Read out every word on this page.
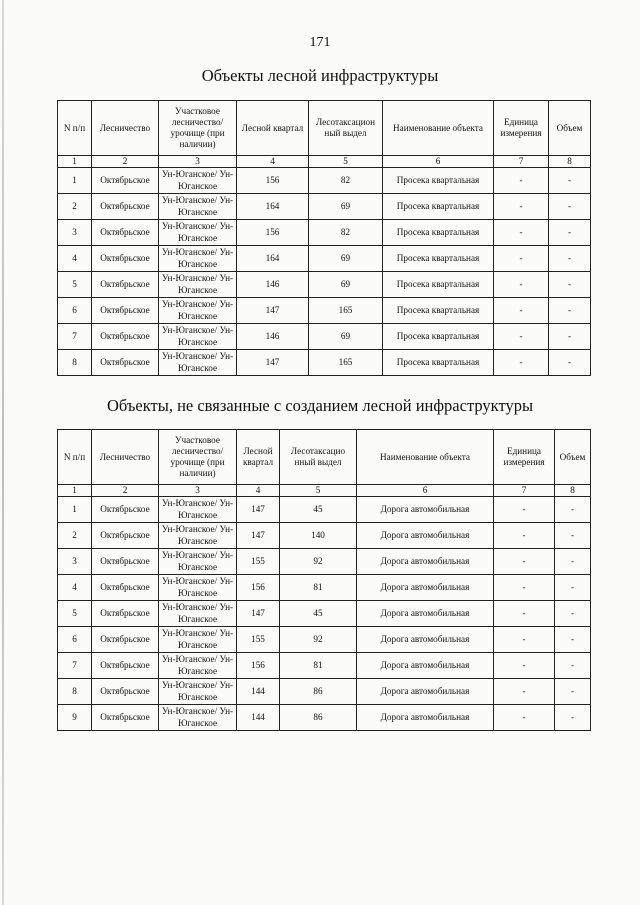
171
Объекты лесной инфраструктуры
N п/п	Лесничество	Участковое лесничество/ урочище (при наличии)	Лесной квартал	Лесотаксацион ный выдел	Наименование объекта	Единица измерения	Объем
1	2	3	4	5	6	7	8
1	Октябрьское	Ун-Юганское/ Ун-Юганское	156	82	Просека квартальная	-	-
2	Октябрьское	Ун-Юганское/ Ун-Юганское	164	69	Просека квартальная	-	-
3	Октябрьское	Ун-Юганское/ Ун-Юганское	156	82	Просека квартальная	-	-
4	Октябрьское	Ун-Юганское/ Ун-Юганское	164	69	Просека квартальная	-	-
5	Октябрьское	Ун-Юганское/ Ун-Юганское	146	69	Просека квартальная	-	-
6	Октябрьское	Ун-Юганское/ Ун-Юганское	147	165	Просека квартальная	-	-
7	Октябрьское	Ун-Юганское/ Ун-Юганское	146	69	Просека квартальная	-	-
8	Октябрьское	Ун-Юганское/ Ун-Юганское	147	165	Просека квартальная	-	-
Объекты, не связанные с созданием лесной инфраструктуры
N п/п	Лесничество	Участковое лесничество/ урочище (при наличии)	Лесной квартал	Лесотаксацио нный выдел	Наименование объекта	Единица измерения	Объем
1	2	3	4	5	6	7	8
1	Октябрьское	Ун-Юганское/ Ун-Юганское	147	45	Дорога автомобильная	-	-
2	Октябрьское	Ун-Юганское/ Ун-Юганское	147	140	Дорога автомобильная	-	-
3	Октябрьское	Ун-Юганское/ Ун-Юганское	155	92	Дорога автомобильная	-	-
4	Октябрьское	Ун-Юганское/ Ун-Юганское	156	81	Дорога автомобильная	-	-
5	Октябрьское	Ун-Юганское/ Ун-Юганское	147	45	Дорога автомобильная	-	-
6	Октябрьское	Ун-Юганское/ Ун-Юганское	155	92	Дорога автомобильная	-	-
7	Октябрьское	Ун-Юганское/ Ун-Юганское	156	81	Дорога автомобильная	-	-
8	Октябрьское	Ун-Юганское/ Ун-Юганское	144	86	Дорога автомобильная	-	-
9	Октябрьское	Ун-Юганское/ Ун-Юганское	144	86	Дорога автомобильная	-	-
